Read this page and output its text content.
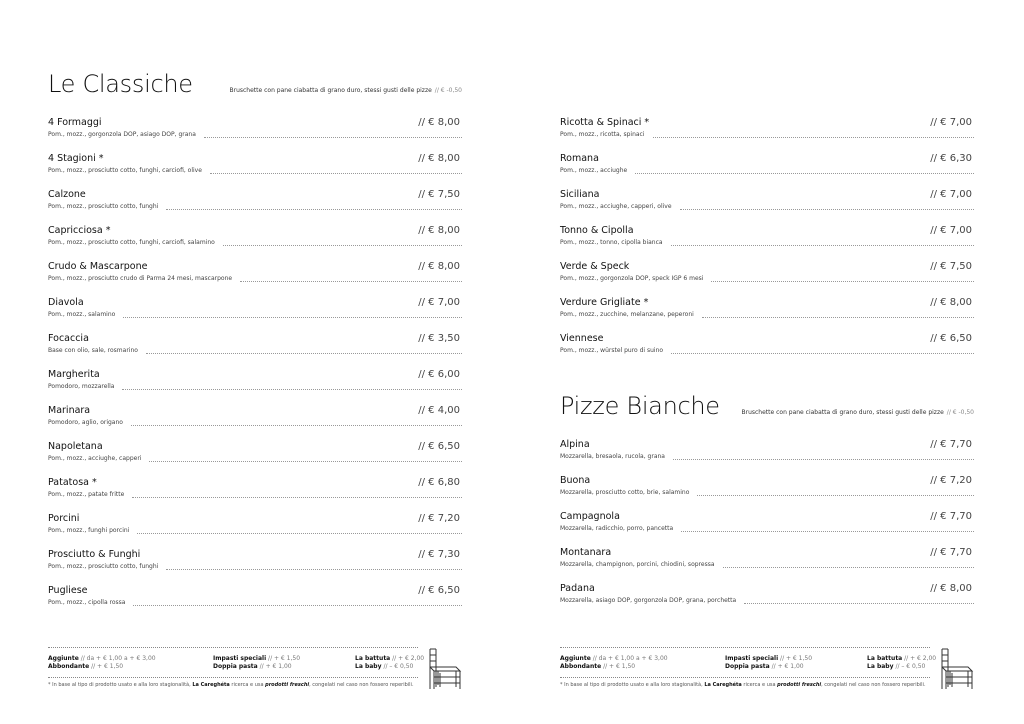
Le Classiche	Bruschette con pane ciabatta di grano duro, stessi gusti delle pizze // € -0,50
4 Formaggi	// € 8,00
Pom., mozz., gorgonzola DOP, asiago DOP, grana
4 Stagioni *	// € 8,00
Pom., mozz., prosciutto cotto, funghi, carciofi, olive
Calzone	// € 7,50
Pom., mozz., prosciutto cotto, funghi
Capricciosa *	// € 8,00
Pom., mozz., prosciutto cotto, funghi, carciofi, salamino
Crudo & Mascarpone	// € 8,00
Pom., mozz., prosciutto crudo di Parma 24 mesi, mascarpone
Diavola	// € 7,00
Pom., mozz., salamino
Focaccia	// € 3,50
Base con olio, sale, rosmarino
Margherita	// € 6,00
Pomodoro, mozzarella
Marinara	// € 4,00
Pomodoro, aglio, origano
Napoletana	// € 6,50
Pom., mozz., acciughe, capperi
Patatosa *	// € 6,80
Pom., mozz., patate fritte
Porcini	// € 7,20
Pom., mozz., funghi porcini
Prosciutto & Funghi	// € 7,30
Pom., mozz., prosciutto cotto, funghi
Pugliese	// € 6,50
Pom., mozz., cipolla rossa
Aggiunte // da + € 1,00 a + € 3,00
Abbondante // + € 1,50
Impasti speciali // + € 1,50
Doppia pasta // + € 1,00
La battuta // + € 2,00
La baby // – € 0,50
* In base al tipo di prodotto usato e alla loro stagionalità, La Careghéta ricerca e usa prodotti freschi, congelati nel caso non fossero reperibili.
Ricotta & Spinaci *	// € 7,00
Pom., mozz., ricotta, spinaci
Romana	// € 6,30
Pom., mozz., acciughe
Siciliana	// € 7,00
Pom., mozz., acciughe, capperi, olive
Tonno & Cipolla	// € 7,00
Pom., mozz., tonno, cipolla bianca
Verde & Speck	// € 7,50
Pom., mozz., gorgonzola DOP, speck IGP 6 mesi
Verdure Grigliate *	// € 8,00
Pom., mozz., zucchine, melanzane, peperoni
Viennese	// € 6,50
Pom., mozz., würstel puro di suino
Pizze Bianche	Bruschette con pane ciabatta di grano duro, stessi gusti delle pizze // € -0,50
Alpina	// € 7,70
Mozzarella, bresaola, rucola, grana
Buona	// € 7,20
Mozzarella, prosciutto cotto, brie, salamino
Campagnola	// € 7,70
Mozzarella, radicchio, porro, pancetta
Montanara	// € 7,70
Mozzarella, champignon, porcini, chiodini, sopressa
Padana	// € 8,00
Mozzarella, asiago DOP, gorgonzola DOP, grana, porchetta
Aggiunte // da + € 1,00 a + € 3,00
Abbondante // + € 1,50
Impasti speciali // + € 1,50
Doppia pasta // + € 1,00
La battuta // + € 2,00
La baby // – € 0,50
* In base al tipo di prodotto usato e alla loro stagionalità, La Careghéta ricerca e usa prodotti freschi, congelati nel caso non fossero reperibili.
